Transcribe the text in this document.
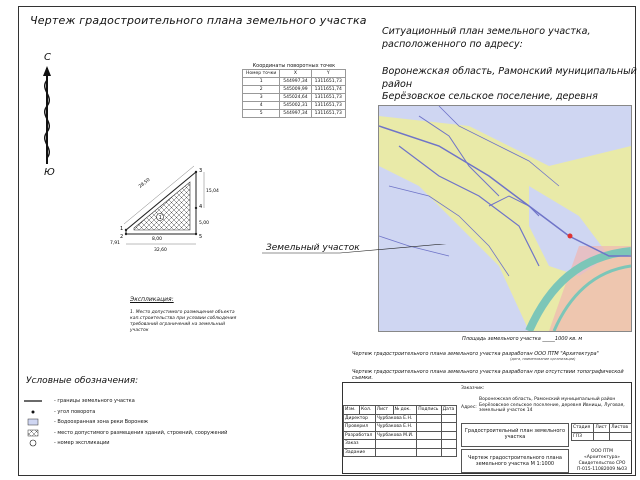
Чертеж градостроительного плана земельного участка
С
Ю
Координаты поворотных точек		
Номер точки	X	Y
1	544997,34	1311651,73
2	545009,99	1311651,74
3	545024,64	1311651,73
4	545002,31	1311651,73
5	544997,34	1311651,73
1
1
3
4
5
2
28,50
15,04
32,60
7,91
5,00
8,00
Ситуационный план земельного участка,
расположенного по адресу:
Воронежская область, Рамонский муниципальный район
Берёзовское сельское поселение, деревня
Земельный участок
Экспликация:
1. Место допустимого размещения объекта кап.строительства при условии соблюдения требований ограничений на земельный участок
Площадь земельного участка _____1000 кв. м
Чертеж градостроительного плана земельного участка разработан ООО ПТМ "Архитектура"
(дата, наименование организации)
Чертеж градостроительного плана земельного участка разработан при отсутствии топографической съемки.
Условные обозначения:
- границы земельного участка
- угол поворота
- Водоохранная зона реки Воронеж
- место допустимого размещения зданий, строений, сооружений
- номер экспликации
Заказчик:
Адрес:
Воронежская область, Рамонский муниципальный район Берёзовское сельское поселение, деревня Ивницы, Луговая, земельный участок 14
Изм.	Кол.	Лист	№ док.	Подпись	Дата
Директор		Чурбакова Е.Н.			
Проверил		Чурбакова Е.Н.			
Разработал		Чурбакова М.И.			
Заказ					
Задание					
Градостроительный план земельного участка
Стадия	Лист	Листов
ГПЗ		
Чертеж градостроительного плана земельного участка М 1:1000
ООО ПТМ «Архитектура» Свидетельство СРО П-015-11082009 №03
